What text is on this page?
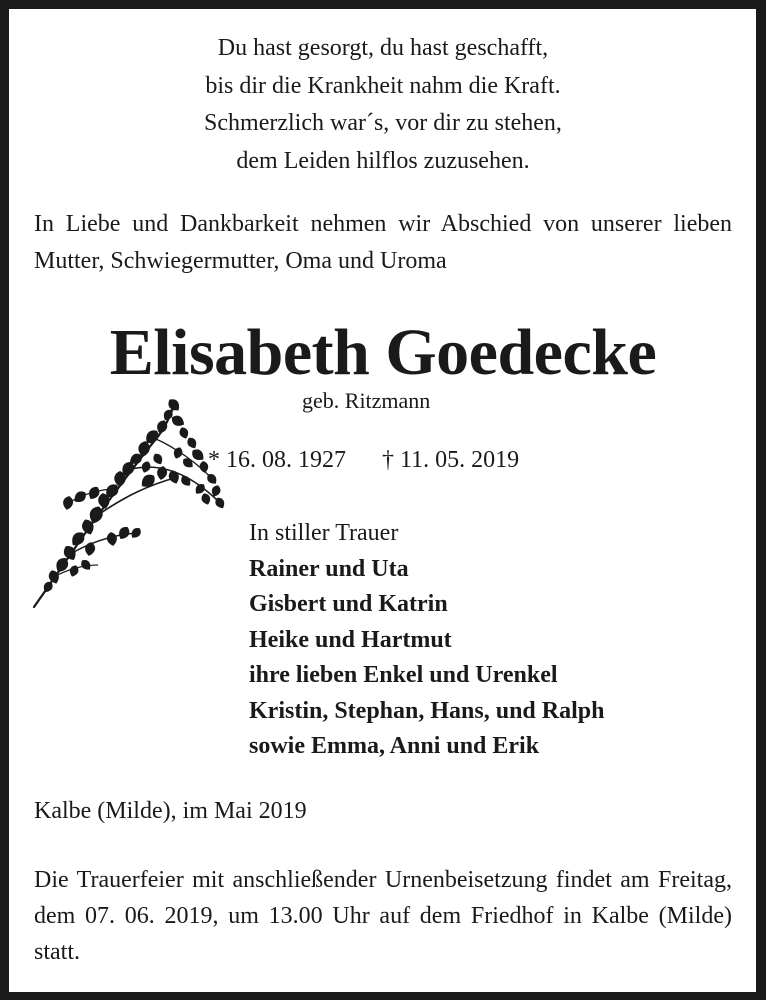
Du hast gesorgt, du hast geschafft,
bis dir die Krankheit nahm die Kraft.
Schmerzlich war´s, vor dir zu stehen,
dem Leiden hilflos zuzusehen.
In Liebe und Dankbarkeit nehmen wir Abschied von unserer lieben Mutter, Schwiegermutter, Oma und Uroma
Elisabeth Goedecke
geb. Ritzmann
* 16. 08. 1927 † 11. 05. 2019
In stiller Trauer
Rainer und Uta
Gisbert und Katrin
Heike und Hartmut
ihre lieben Enkel und Urenkel
Kristin, Stephan, Hans, und Ralph
sowie Emma, Anni und Erik
Kalbe (Milde), im Mai 2019
Die Trauerfeier mit anschließender Urnenbeisetzung findet am Freitag, dem 07. 06. 2019, um 13.00 Uhr auf dem Friedhof in Kalbe (Milde) statt.
